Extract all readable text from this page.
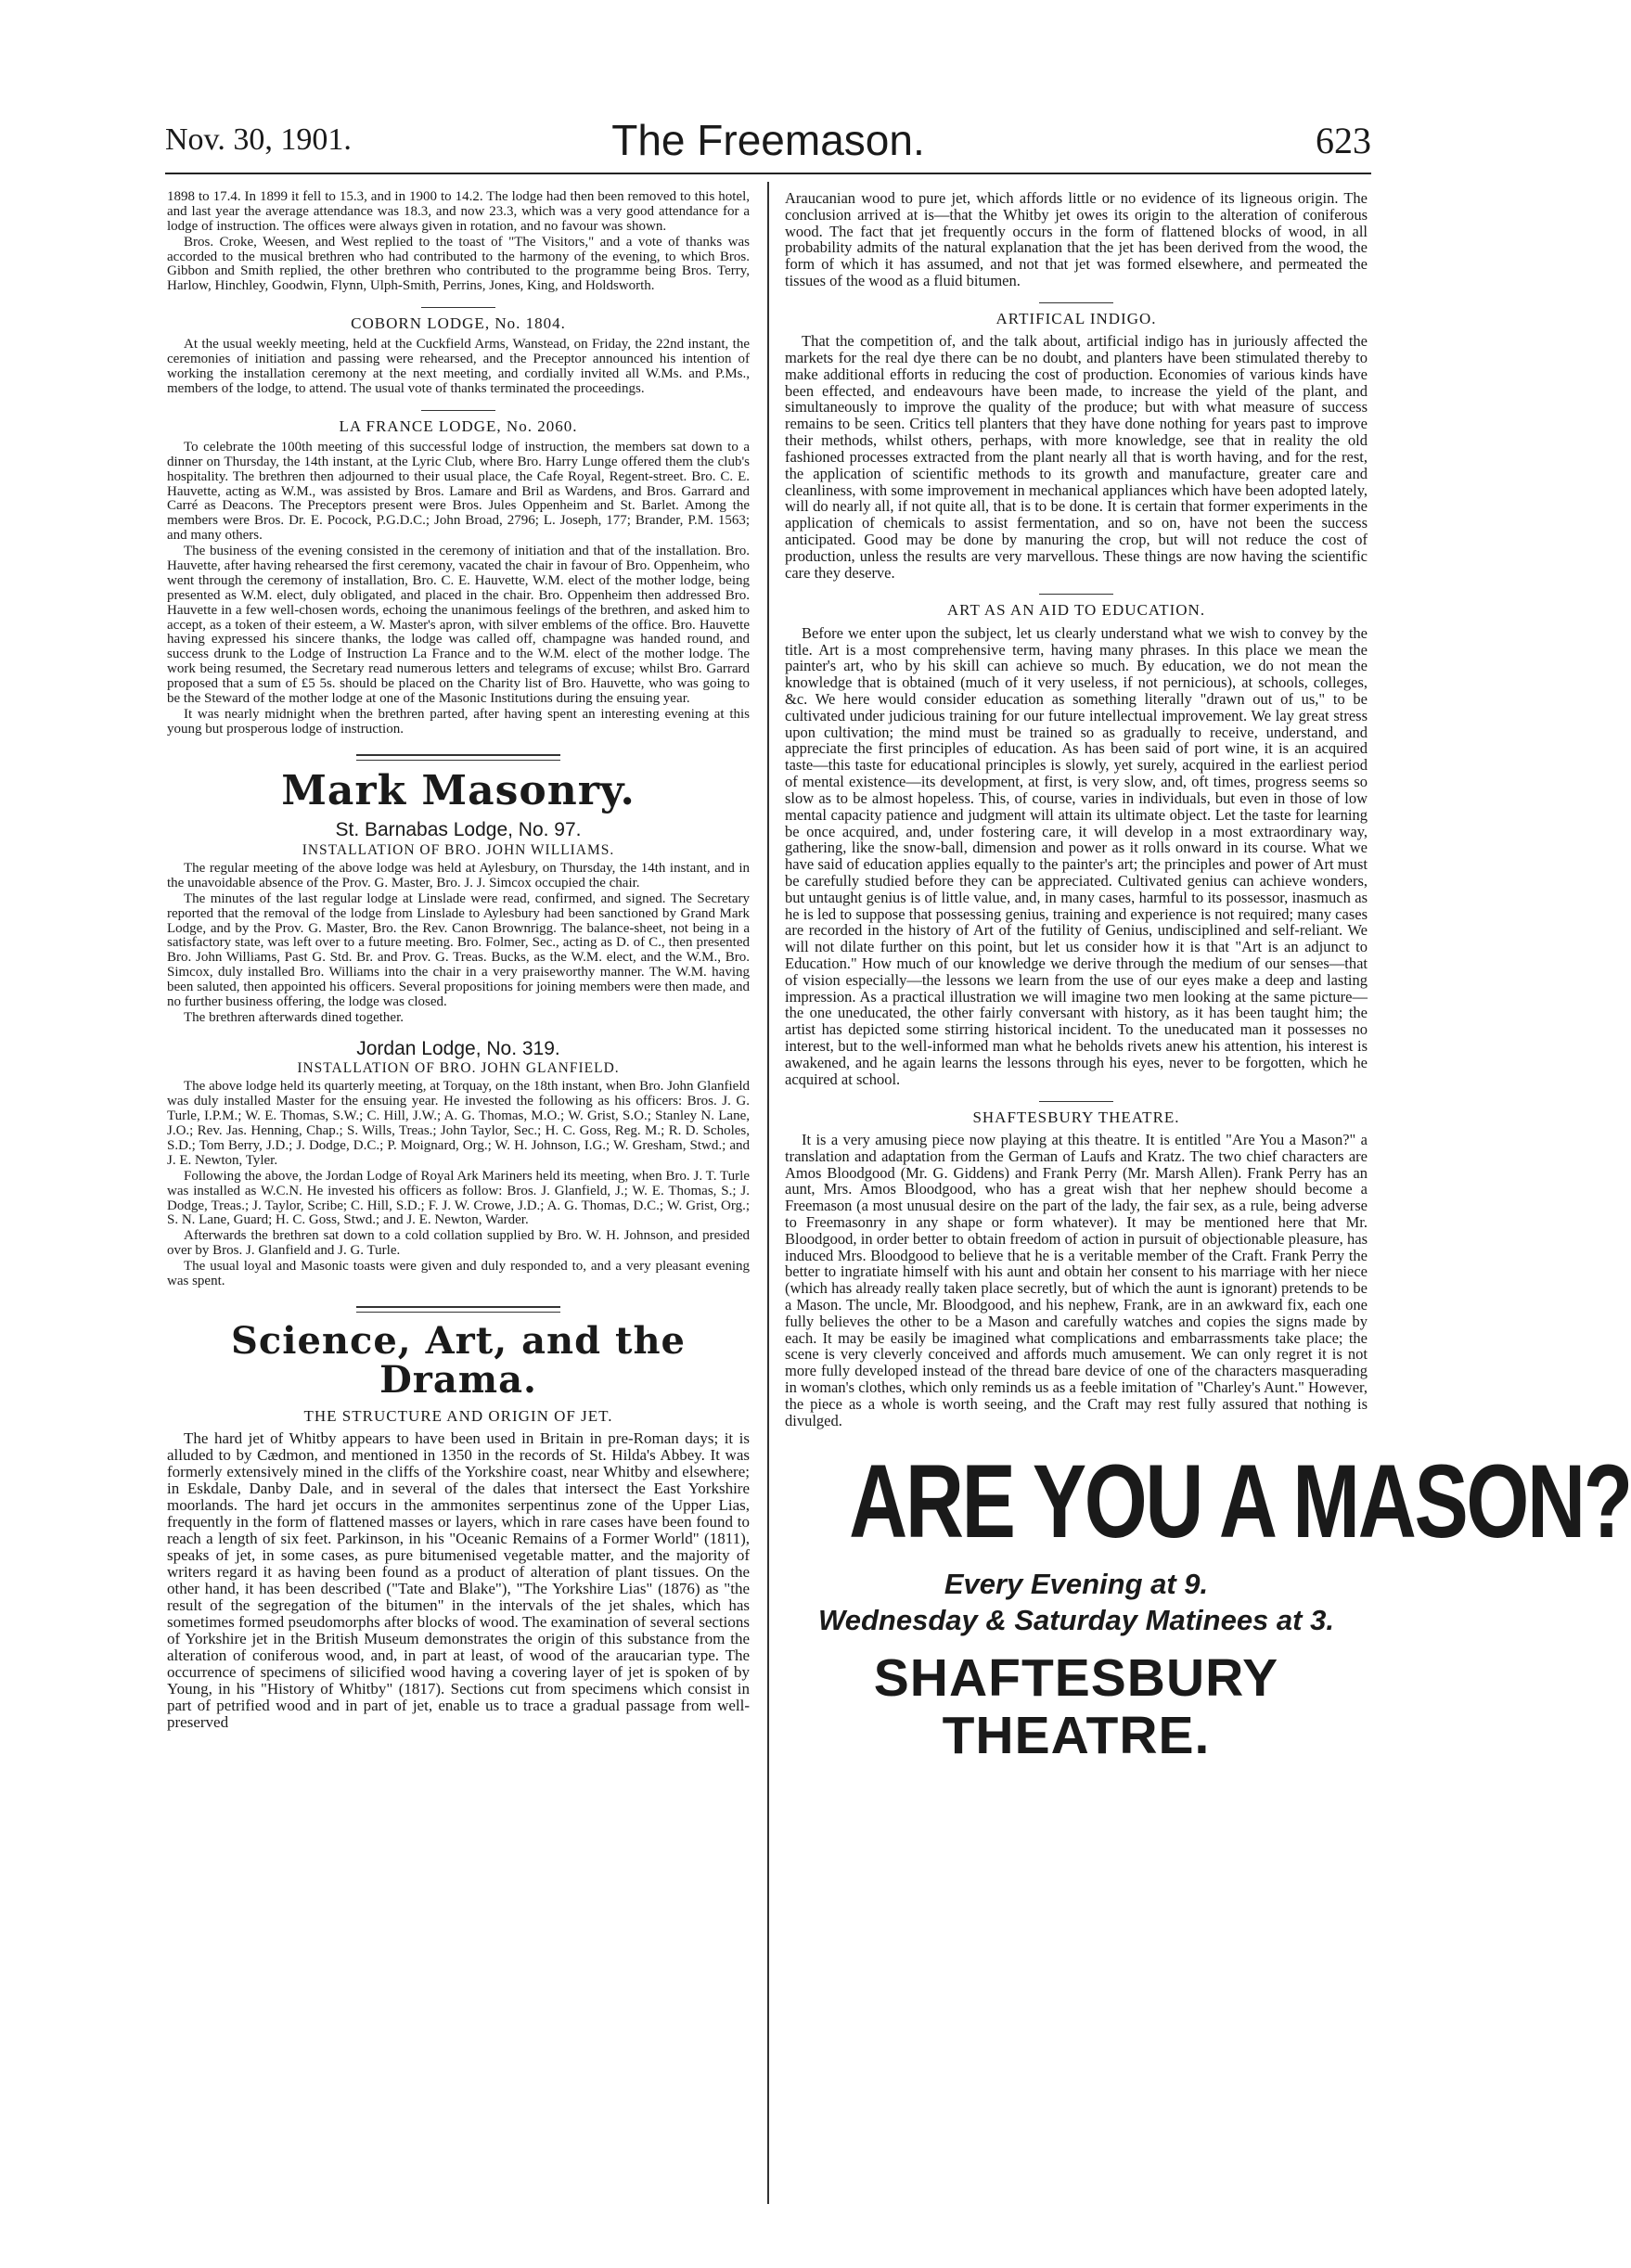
Nov. 30, 1901.	The Freemason.	623

1898 to 17.4. In 1899 it fell to 15.3, and in 1900 to 14.2. The lodge had then been removed to this hotel, and last year the average attendance was 18.3, and now 23.3, which was a very good attendance for a lodge of instruction. The offices were always given in rotation, and no favour was shown.

Bros. Croke, Weesen, and West replied to the toast of "The Visitors," and a vote of thanks was accorded to the musical brethren who had contributed to the harmony of the evening, to which Bros. Gibbon and Smith replied, the other brethren who contributed to the programme being Bros. Terry, Harlow, Hinchley, Goodwin, Flynn, Ulph-Smith, Perrins, Jones, King, and Holdsworth.

COBORN LODGE, No. 1804.

At the usual weekly meeting, held at the Cuckfield Arms, Wanstead, on Friday, the 22nd instant, the ceremonies of initiation and passing were rehearsed, and the Preceptor announced his intention of working the installation ceremony at the next meeting, and cordially invited all W.Ms. and P.Ms., members of the lodge, to attend. The usual vote of thanks terminated the proceedings.

LA FRANCE LODGE, No. 2060.

To celebrate the 100th meeting of this successful lodge of instruction, the members sat down to a dinner on Thursday, the 14th instant, at the Lyric Club, where Bro. Harry Lunge offered them the club's hospitality. The brethren then adjourned to their usual place, the Cafe Royal, Regent-street. Bro. C. E. Hauvette, acting as W.M., was assisted by Bros. Lamare and Bril as Wardens, and Bros. Garrard and Carré as Deacons. The Preceptors present were Bros. Jules Oppenheim and St. Barlet. Among the members were Bros. Dr. E. Pocock, P.G.D.C.; John Broad, 2796; L. Joseph, 177; Brander, P.M. 1563; and many others.

The business of the evening consisted in the ceremony of initiation and that of the installation. Bro. Hauvette, after having rehearsed the first ceremony, vacated the chair in favour of Bro. Oppenheim, who went through the ceremony of installation, Bro. C. E. Hauvette, W.M. elect of the mother lodge, being presented as W.M. elect, duly obligated, and placed in the chair. Bro. Oppenheim then addressed Bro. Hauvette in a few well-chosen words, echoing the unanimous feelings of the brethren, and asked him to accept, as a token of their esteem, a W. Master's apron, with silver emblems of the office. Bro. Hauvette having expressed his sincere thanks, the lodge was called off, champagne was handed round, and success drunk to the Lodge of Instruction La France and to the W.M. elect of the mother lodge. The work being resumed, the Secretary read numerous letters and telegrams of excuse; whilst Bro. Garrard proposed that a sum of £5 5s. should be placed on the Charity list of Bro. Hauvette, who was going to be the Steward of the mother lodge at one of the Masonic Institutions during the ensuing year.

It was nearly midnight when the brethren parted, after having spent an interesting evening at this young but prosperous lodge of instruction.

Mark Masonry.
St. Barnabas Lodge, No. 97.
INSTALLATION OF BRO. JOHN WILLIAMS.

The regular meeting of the above lodge was held at Aylesbury, on Thursday, the 14th instant, and in the unavoidable absence of the Prov. G. Master, Bro. J. J. Simcox occupied the chair.

The minutes of the last regular lodge at Linslade were read, confirmed, and signed. The Secretary reported that the removal of the lodge from Linslade to Aylesbury had been sanctioned by Grand Mark Lodge, and by the Prov. G. Master, Bro. the Rev. Canon Brownrigg. The balance-sheet, not being in a satisfactory state, was left over to a future meeting. Bro. Folmer, Sec., acting as D. of C., then presented Bro. John Williams, Past G. Std. Br. and Prov. G. Treas. Bucks, as the W.M. elect, and the W.M., Bro. Simcox, duly installed Bro. Williams into the chair in a very praiseworthy manner. The W.M. having been saluted, then appointed his officers. Several propositions for joining members were then made, and no further business offering, the lodge was closed.

The brethren afterwards dined together.

Jordan Lodge, No. 319.
INSTALLATION OF BRO. JOHN GLANFIELD.

The above lodge held its quarterly meeting, at Torquay, on the 18th instant, when Bro. John Glanfield was duly installed Master for the ensuing year. He invested the following as his officers: Bros. J. G. Turle, I.P.M.; W. E. Thomas, S.W.; C. Hill, J.W.; A. G. Thomas, M.O.; W. Grist, S.O.; Stanley N. Lane, J.O.; Rev. Jas. Henning, Chap.; S. Wills, Treas.; John Taylor, Sec.; H. C. Goss, Reg. M.; R. D. Scholes, S.D.; Tom Berry, J.D.; J. Dodge, D.C.; P. Moignard, Org.; W. H. Johnson, I.G.; W. Gresham, Stwd.; and J. E. Newton, Tyler.

Following the above, the Jordan Lodge of Royal Ark Mariners held its meeting, when Bro. J. T. Turle was installed as W.C.N. He invested his officers as follow: Bros. J. Glanfield, J.; W. E. Thomas, S.; J. Dodge, Treas.; J. Taylor, Scribe; C. Hill, S.D.; F. J. W. Crowe, J.D.; A. G. Thomas, D.C.; W. Grist, Org.; S. N. Lane, Guard; H. C. Goss, Stwd.; and J. E. Newton, Warder.

Afterwards the brethren sat down to a cold collation supplied by Bro. W. H. Johnson, and presided over by Bros. J. Glanfield and J. G. Turle.

The usual loyal and Masonic toasts were given and duly responded to, and a very pleasant evening was spent.

Science, Art, and the Drama.
THE STRUCTURE AND ORIGIN OF JET.

The hard jet of Whitby appears to have been used in Britain in pre-Roman days; it is alluded to by Cædmon, and mentioned in 1350 in the records of St. Hilda's Abbey. It was formerly extensively mined in the cliffs of the Yorkshire coast, near Whitby and elsewhere; in Eskdale, Danby Dale, and in several of the dales that intersect the East Yorkshire moorlands. The hard jet occurs in the ammonites serpentinus zone of the Upper Lias, frequently in the form of flattened masses or layers, which in rare cases have been found to reach a length of six feet. Parkinson, in his "Oceanic Remains of a Former World" (1811), speaks of jet, in some cases, as pure bitumenised vegetable matter, and the majority of writers regard it as having been found as a product of alteration of plant tissues. On the other hand, it has been described ("Tate and Blake"), "The Yorkshire Lias" (1876) as "the result of the segregation of the bitumen" in the intervals of the jet shales, which has sometimes formed pseudomorphs after blocks of wood. The examination of several sections of Yorkshire jet in the British Museum demonstrates the origin of this substance from the alteration of coniferous wood, and, in part at least, of wood of the araucarian type. The occurrence of specimens of silicified wood having a covering layer of jet is spoken of by Young, in his "History of Whitby" (1817). Sections cut from specimens which consist in part of petrified wood and in part of jet, enable us to trace a gradual passage from well-preserved

Araucanian wood to pure jet, which affords little or no evidence of its ligneous origin. The conclusion arrived at is—that the Whitby jet owes its origin to the alteration of coniferous wood. The fact that jet frequently occurs in the form of flattened blocks of wood, in all probability admits of the natural explanation that the jet has been derived from the wood, the form of which it has assumed, and not that jet was formed elsewhere, and permeated the tissues of the wood as a fluid bitumen.

ARTIFICAL INDIGO.

That the competition of, and the talk about, artificial indigo has in juriously affected the markets for the real dye there can be no doubt, and planters have been stimulated thereby to make additional efforts in reducing the cost of production. Economies of various kinds have been effected, and endeavours have been made, to increase the yield of the plant, and simultaneously to improve the quality of the produce; but with what measure of success remains to be seen. Critics tell planters that they have done nothing for years past to improve their methods, whilst others, perhaps, with more knowledge, see that in reality the old fashioned processes extracted from the plant nearly all that is worth having, and for the rest, the application of scientific methods to its growth and manufacture, greater care and cleanliness, with some improvement in mechanical appliances which have been adopted lately, will do nearly all, if not quite all, that is to be done. It is certain that former experiments in the application of chemicals to assist fermentation, and so on, have not been the success anticipated. Good may be done by manuring the crop, but will not reduce the cost of production, unless the results are very marvellous. These things are now having the scientific care they deserve.

ART AS AN AID TO EDUCATION.

Before we enter upon the subject, let us clearly understand what we wish to convey by the title. Art is a most comprehensive term, having many phrases. In this place we mean the painter's art, who by his skill can achieve so much. By education, we do not mean the knowledge that is obtained (much of it very useless, if not pernicious), at schools, colleges, &c. We here would consider education as something literally "drawn out of us," to be cultivated under judicious training for our future intellectual improvement. We lay great stress upon cultivation; the mind must be trained so as gradually to receive, understand, and appreciate the first principles of education. As has been said of port wine, it is an acquired taste—this taste for educational principles is slowly, yet surely, acquired in the earliest period of mental existence—its development, at first, is very slow, and, oft times, progress seems so slow as to be almost hopeless. This, of course, varies in individuals, but even in those of low mental capacity patience and judgment will attain its ultimate object. Let the taste for learning be once acquired, and, under fostering care, it will develop in a most extraordinary way, gathering, like the snow-ball, dimension and power as it rolls onward in its course. What we have said of education applies equally to the painter's art; the principles and power of Art must be carefully studied before they can be appreciated. Cultivated genius can achieve wonders, but untaught genius is of little value, and, in many cases, harmful to its possessor, inasmuch as he is led to suppose that possessing genius, training and experience is not required; many cases are recorded in the history of Art of the futility of Genius, undisciplined and self-reliant. We will not dilate further on this point, but let us consider how it is that "Art is an adjunct to Education." How much of our knowledge we derive through the medium of our senses—that of vision especially—the lessons we learn from the use of our eyes make a deep and lasting impression. As a practical illustration we will imagine two men looking at the same picture—the one uneducated, the other fairly conversant with history, as it has been taught him; the artist has depicted some stirring historical incident. To the uneducated man it possesses no interest, but to the well-informed man what he beholds rivets anew his attention, his interest is awakened, and he again learns the lessons through his eyes, never to be forgotten, which he acquired at school.

SHAFTESBURY THEATRE.

It is a very amusing piece now playing at this theatre. It is entitled "Are You a Mason?" a translation and adaptation from the German of Laufs and Kratz. The two chief characters are Amos Bloodgood (Mr. G. Giddens) and Frank Perry (Mr. Marsh Allen). Frank Perry has an aunt, Mrs. Amos Bloodgood, who has a great wish that her nephew should become a Freemason (a most unusual desire on the part of the lady, the fair sex, as a rule, being adverse to Freemasonry in any shape or form whatever). It may be mentioned here that Mr. Bloodgood, in order better to obtain freedom of action in pursuit of objectionable pleasure, has induced Mrs. Bloodgood to believe that he is a veritable member of the Craft. Frank Perry the better to ingratiate himself with his aunt and obtain her consent to his marriage with her niece (which has already really taken place secretly, but of which the aunt is ignorant) pretends to be a Mason. The uncle, Mr. Bloodgood, and his nephew, Frank, are in an awkward fix, each one fully believes the other to be a Mason and carefully watches and copies the signs made by each. It may be easily be imagined what complications and embarrassments take place; the scene is very cleverly conceived and affords much amusement. We can only regret it is not more fully developed instead of the thread bare device of one of the characters masquerading in woman's clothes, which only reminds us as a feeble imitation of "Charley's Aunt." However, the piece as a whole is worth seeing, and the Craft may rest fully assured that nothing is divulged.

ARE YOU A MASON?
Every Evening at 9.
Wednesday & Saturday Matinees at 3.
SHAFTESBURY THEATRE.
